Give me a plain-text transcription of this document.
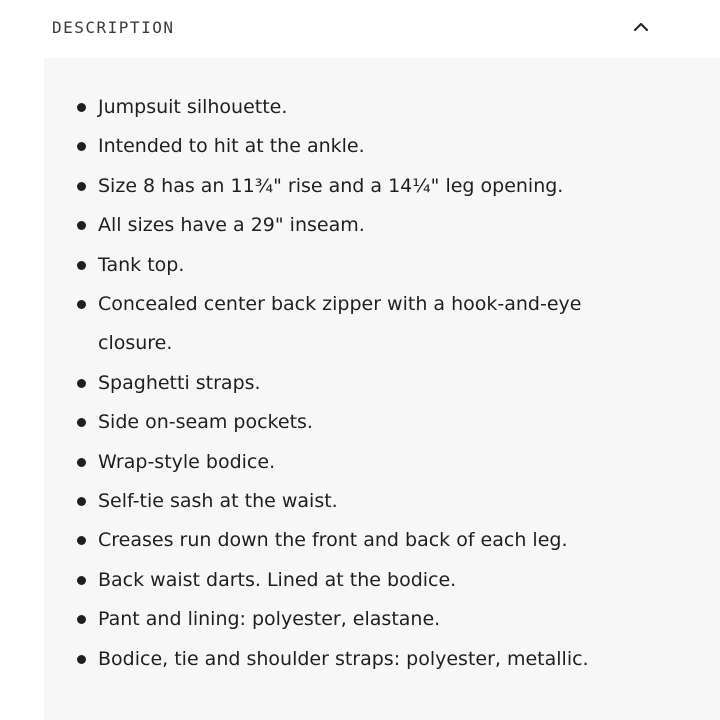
DESCRIPTION
Jumpsuit silhouette.
Intended to hit at the ankle.
Size 8 has an 11¾" rise and a 14¼" leg opening.
All sizes have a 29" inseam.
Tank top.
Concealed center back zipper with a hook-and-eye closure.
Spaghetti straps.
Side on-seam pockets.
Wrap-style bodice.
Self-tie sash at the waist.
Creases run down the front and back of each leg.
Back waist darts. Lined at the bodice.
Pant and lining: polyester, elastane.
Bodice, tie and shoulder straps: polyester, metallic.
